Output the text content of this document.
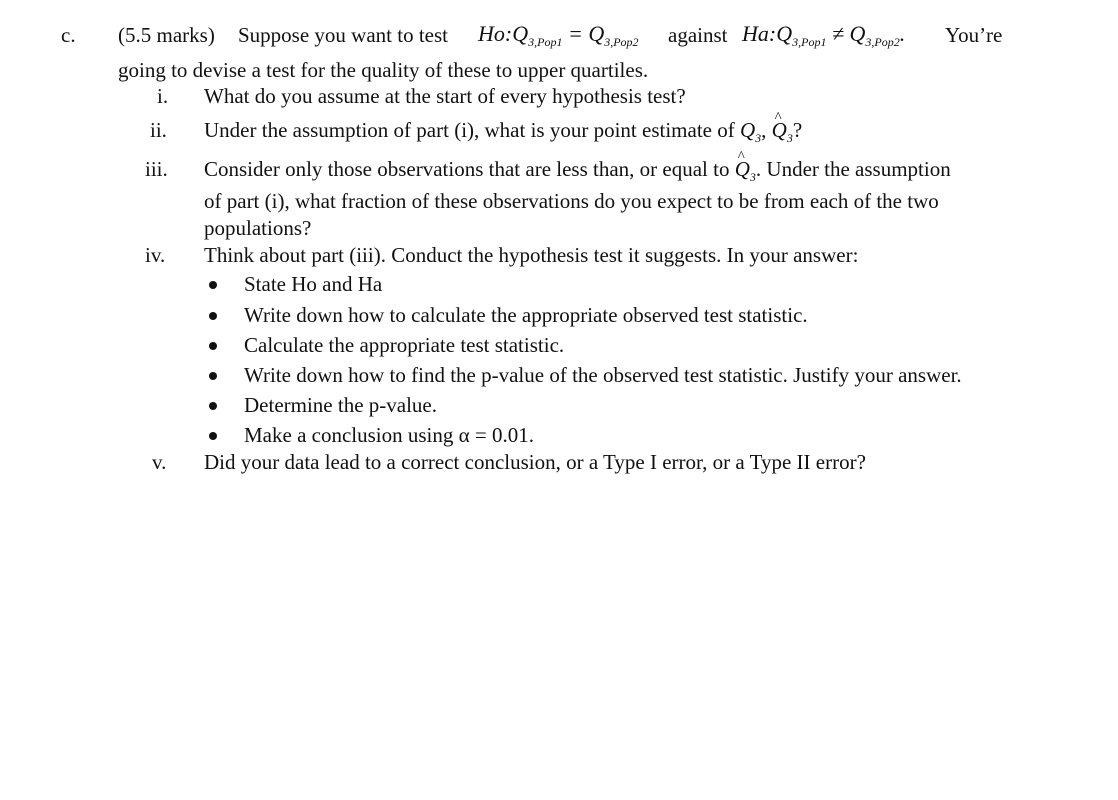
c. (5.5 marks) Suppose you want to test $Ho:Q_{3,Pop1} = Q_{3,Pop2}$ against $Ha:Q_{3,Pop1} \ne Q_{3,Pop2}$. You’re
going to devise a test for the quality of these to upper quartiles.
i. What do you assume at the start of every hypothesis test?
ii. Under the assumption of part (i), what is your point estimate of $Q_3$, ^ $Q_3$?
iii. Consider only those observations that are less than, or equal to ^ $Q_3$. Under the assumption
of part (i), what fraction of these observations do you expect to be from each of the two
populations?
iv. Think about part (iii). Conduct the hypothesis test it suggests. In your answer:
State Ho and Ha
Write down how to calculate the appropriate observed test statistic.
Calculate the appropriate test statistic.
Write down how to find the p-value of the observed test statistic. Justify your answer.
Determine the p-value.
Make a conclusion using α = 0.01.
v. Did your data lead to a correct conclusion, or a Type I error, or a Type II error?
